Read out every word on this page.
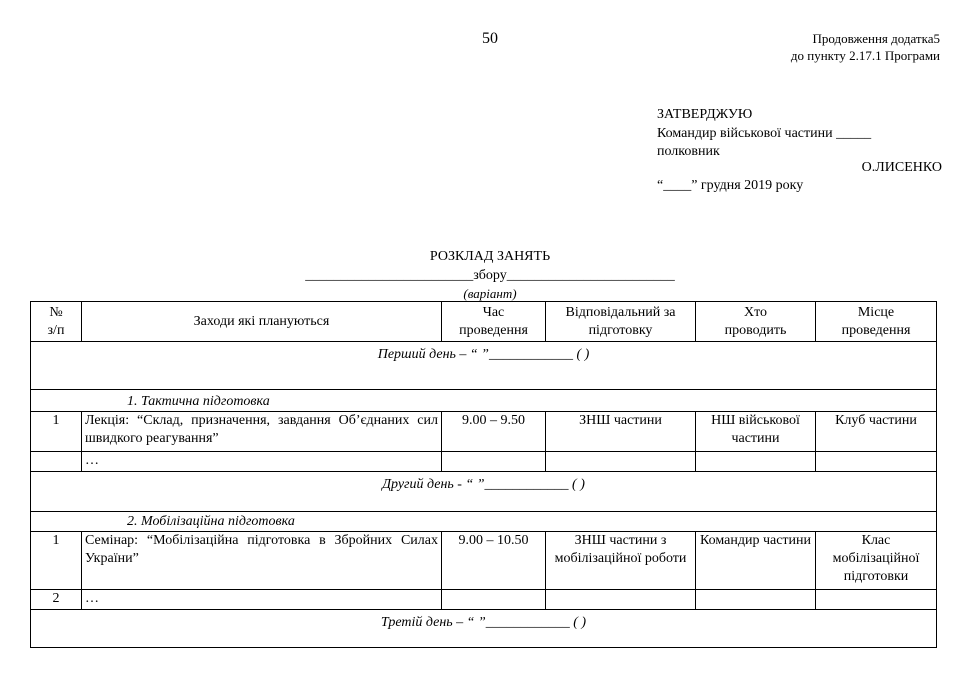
50	Продовження додатка5
до пункту 2.17.1 Програми
ЗАТВЕРДЖУЮ
Командир військової частини _____
полковник
О.ЛИСЕНКО
“____” грудня 2019 року
РОЗКЛАД ЗАНЯТЬ
________________________збору________________________
(варіант)
№ з/п	Заходи які плануються	Час проведення	Відповідальний за підготовку	Хто проводить	Місце проведення
Перший день – “ ”____________ ( )					
1. Тактична підготовка					
1	Лекція: “Склад, призначення, завдання Об’єднаних сил швидкого реагування”	9.00 – 9.50	ЗНШ частини	НШ військової частини	Клуб частини
	…				
Другий день - “ ”____________ ( )					
2. Мобілізаційна підготовка					
1	Семінар: “Мобілізаційна підготовка в Збройних Силах України”	9.00 – 10.50	ЗНШ частини з мобілізаційної роботи	Командир частини	Клас мобілізаційної підготовки
2	…				
Третій день – “ ”____________ ( )					
